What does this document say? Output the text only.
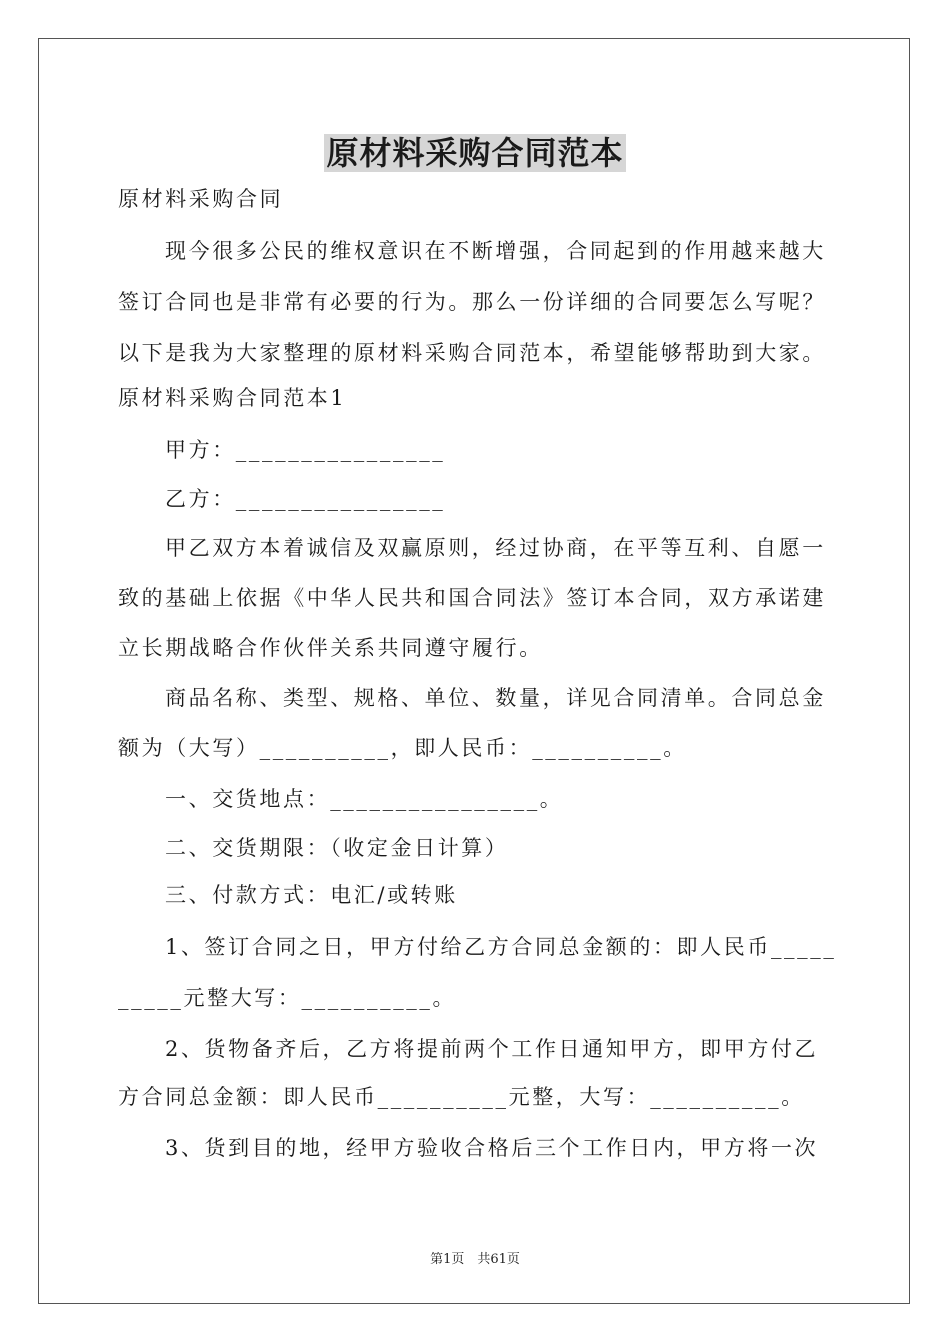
原材料采购合同范本
原材料采购合同
现今很多公民的维权意识在不断增强，合同起到的作用越来越大
签订合同也是非常有必要的行为。那么一份详细的合同要怎么写呢？
以下是我为大家整理的原材料采购合同范本，希望能够帮助到大家。
原材料采购合同范本1
甲方：________________
乙方：________________
甲乙双方本着诚信及双赢原则，经过协商，在平等互利、自愿一
致的基础上依据《中华人民共和国合同法》签订本合同，双方承诺建
立长期战略合作伙伴关系共同遵守履行。
商品名称、类型、规格、单位、数量，详见合同清单。合同总金
额为（大写）__________，即人民币：__________。
一、交货地点：________________。
二、交货期限：（收定金日计算）
三、付款方式：电汇/或转账
1、签订合同之日，甲方付给乙方合同总金额的：即人民币_____
_____元整大写：__________。
2、货物备齐后，乙方将提前两个工作日通知甲方，即甲方付乙
方合同总金额：即人民币__________元整，大写：__________。
3、货到目的地，经甲方验收合格后三个工作日内，甲方将一次
第1页　共61页
